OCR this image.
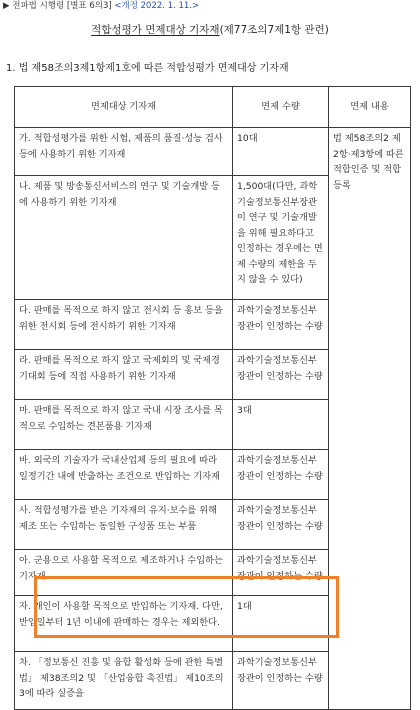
▶ 전파법 시행령 [별표 6의3] <개정 2022. 1. 11.>
적합성평가 면제대상 기자재(제77조의7제1항 관련)
1. 법 제58조의3제1항제1호에 따른 적합성평가 면제대상 기자재
면제대상 기자재	면제 수량	면제 내용
가. 적합성평가를 위한 시험, 제품의 품질·성능 검사 등에 사용하기 위한 기자재	10대	법 제58조의2 제2항·제3항에 따른 적합인증 및 적합등록
나. 제품 및 방송통신서비스의 연구 및 기술개발 등에 사용하기 위한 기자재	1,500대(다만, 과학기술정보통신부장관이 연구 및 기술개발을 위해 필요하다고 인정하는 경우에는 면제 수량의 제한을 두지 않을 수 있다)	
다. 판매를 목적으로 하지 않고 전시회 등 홍보 등을 위한 전시회 등에 전시하기 위한 기자재	과학기술정보통신부장관이 인정하는 수량	
라. 판매를 목적으로 하지 않고 국제회의 및 국제경기대회 등에 직접 사용하기 위한 기자재	과학기술정보통신부장관이 인정하는 수량	
마. 판매를 목적으로 하지 않고 국내 시장 조사를 목적으로 수입하는 견본품용 기자재	3대	
바. 외국의 기술자가 국내산업체 등의 필요에 따라 일정기간 내에 반출하는 조건으로 반입하는 기자재	과학기술정보통신부장관이 인정하는 수량	
사. 적합성평가를 받은 기자재의 유지·보수를 위해 제조 또는 수입하는 동일한 구성품 또는 부품	과학기술정보통신부장관이 인정하는 수량	
아. 군용으로 사용할 목적으로 제조하거나 수입하는 기자재	과학기술정보통신부장관이 인정하는 수량	
자. 개인이 사용할 목적으로 반입하는 기자재. 다만, 반입일부터 1년 이내에 판매하는 경우는 제외한다.	1대	
차. 「정보통신 진흥 및 융합 활성화 등에 관한 특별법」 제38조의2 및 「산업융합 촉진법」 제10조의3에 따라 실증을	과학기술정보통신부장관이 인정하는 수량	
